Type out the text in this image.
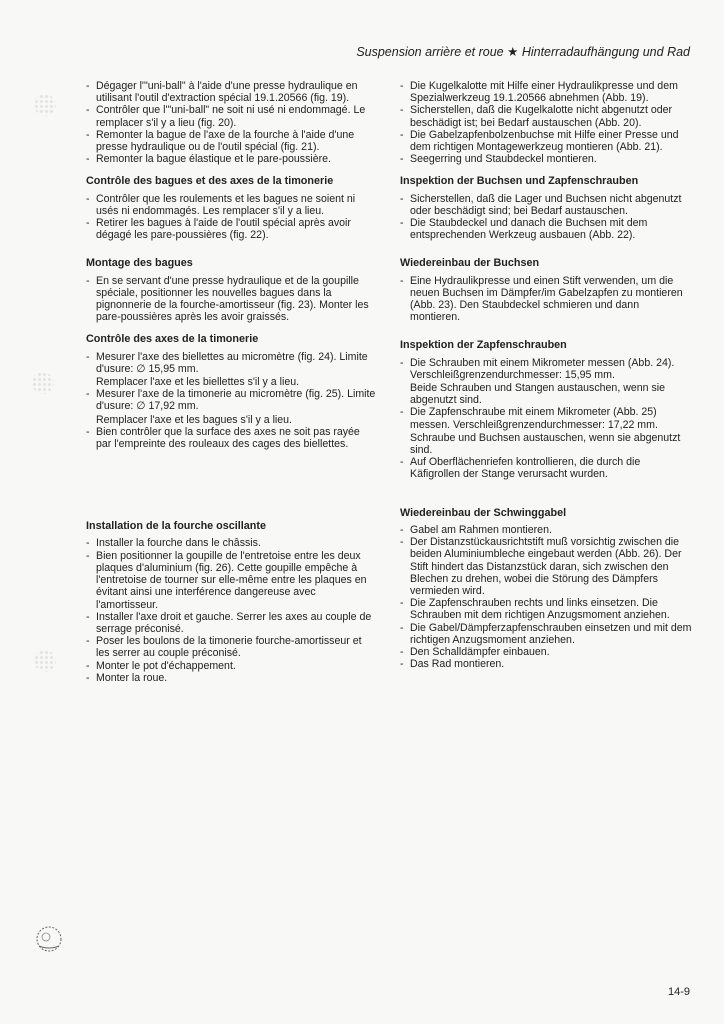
Suspension arrière et roue ★ Hinterradaufhängung und Rad
- Dégager l'"uni-ball" à l'aide d'une presse hydraulique en utilisant l'outil d'extraction spécial 19.1.20566 (fig. 19).
- Contrôler que l'"uni-ball" ne soit ni usé ni endommagé. Le remplacer s'il y a lieu (fig. 20).
- Remonter la bague de l'axe de la fourche à l'aide d'une presse hydraulique ou de l'outil spécial (fig. 21).
- Remonter la bague élastique et le pare-poussière.
Contrôle des bagues et des axes de la timonerie
- Contrôler que les roulements et les bagues ne soient ni usés ni endommagés. Les remplacer s'il y a lieu.
- Retirer les bagues à l'aide de l'outil spécial après avoir dégagé les pare-poussières (fig. 22).
Montage des bagues
- En se servant d'une presse hydraulique et de la goupille spéciale, positionner les nouvelles bagues dans la pignonnerie de la fourche-amortisseur (fig. 23). Monter les pare-poussières après les avoir graissés.
Contrôle des axes de la timonerie
- Mesurer l'axe des biellettes au micromètre (fig. 24). Limite d'usure: ∅ 15,95 mm.
Remplacer l'axe et les biellettes s'il y a lieu.
- Mesurer l'axe de la timonerie au micromètre (fig. 25). Limite d'usure: ∅ 17,92 mm.
Remplacer l'axe et les bagues s'il y a lieu.
- Bien contrôler que la surface des axes ne soit pas rayée par l'empreinte des rouleaux des cages des biellettes.
Installation de la fourche oscillante
- Installer la fourche dans le châssis.
- Bien positionner la goupille de l'entretoise entre les deux plaques d'aluminium (fig. 26). Cette goupille empêche à l'entretoise de tourner sur elle-même entre les plaques en évitant ainsi une interférence dangereuse avec l'amortisseur.
- Installer l'axe droit et gauche. Serrer les axes au couple de serrage préconisé.
- Poser les boulons de la timonerie fourche-amortisseur et les serrer au couple préconisé.
- Monter le pot d'échappement.
- Monter la roue.
- Die Kugelkalotte mit Hilfe einer Hydraulikpresse und dem Spezialwerkzeug 19.1.20566 abnehmen (Abb. 19).
- Sicherstellen, daß die Kugelkalotte nicht abgenutzt oder beschädigt ist; bei Bedarf austauschen (Abb. 20).
- Die Gabelzapfenbolzenbuchse mit Hilfe einer Presse und dem richtigen Montagewerkzeug montieren (Abb. 21).
- Seegerring und Staubdeckel montieren.
Inspektion der Buchsen und Zapfenschrauben
- Sicherstellen, daß die Lager und Buchsen nicht abgenutzt oder beschädigt sind; bei Bedarf austauschen.
- Die Staubdeckel und danach die Buchsen mit dem entsprechenden Werkzeug ausbauen (Abb. 22).
Wiedereinbau der Buchsen
- Eine Hydraulikpresse und einen Stift verwenden, um die neuen Buchsen im Dämpfer/im Gabelzapfen zu montieren (Abb. 23). Den Staubdeckel schmieren und dann montieren.
Inspektion der Zapfenschrauben
- Die Schrauben mit einem Mikrometer messen (Abb. 24). Verschleißgrenzendurchmesser: 15,95 mm.
Beide Schrauben und Stangen austauschen, wenn sie abgenutzt sind.
- Die Zapfenschraube mit einem Mikrometer (Abb. 25) messen. Verschleißgrenzendurchmesser: 17,22 mm.
Schraube und Buchsen austauschen, wenn sie abgenutzt sind.
- Auf Oberflächenriefen kontrollieren, die durch die Käfigrollen der Stange verursacht wurden.
Wiedereinbau der Schwinggabel
- Gabel am Rahmen montieren.
- Der Distanzstückausrichtstift muß vorsichtig zwischen die beiden Aluminiumbleche eingebaut werden (Abb. 26). Der Stift hindert das Distanzstück daran, sich zwischen den Blechen zu drehen, wobei die Störung des Dämpfers vermieden wird.
- Die Zapfenschrauben rechts und links einsetzen. Die Schrauben mit dem richtigen Anzugsmoment anziehen.
- Die Gabel/Dämpferzapfenschrauben einsetzen und mit dem richtigen Anzugsmoment anziehen.
- Den Schalldämpfer einbauen.
- Das Rad montieren.
14-9
